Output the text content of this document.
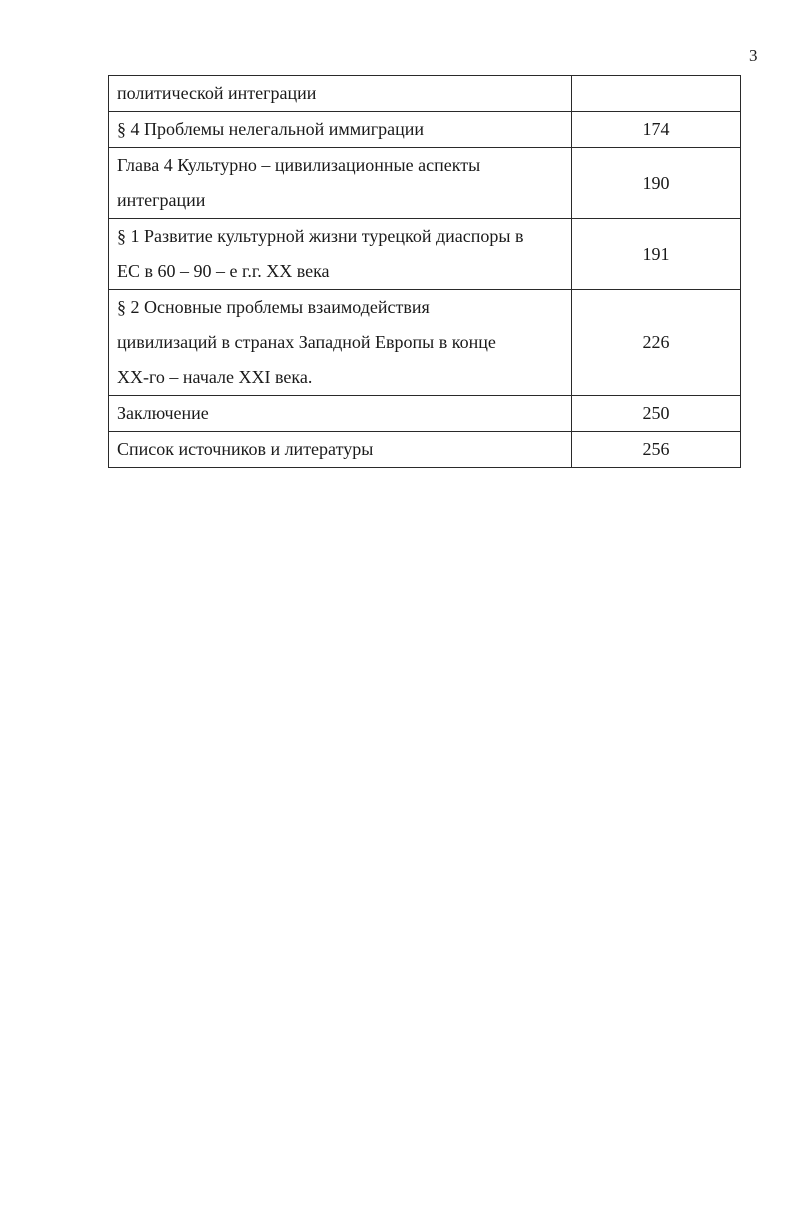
3
политической интеграции	

§ 4 Проблемы нелегальной иммиграции	174

Глава 4 Культурно – цивилизационные аспекты
интеграции	190

§ 1 Развитие культурной жизни турецкой диаспоры в
ЕС в 60 – 90 – е г.г. XX века	191

§ 2 Основные проблемы взаимодействия
цивилизаций в странах Западной Европы в конце
XX-го – начале XXI века.	226

Заключение	250

Список источников и литературы	256
